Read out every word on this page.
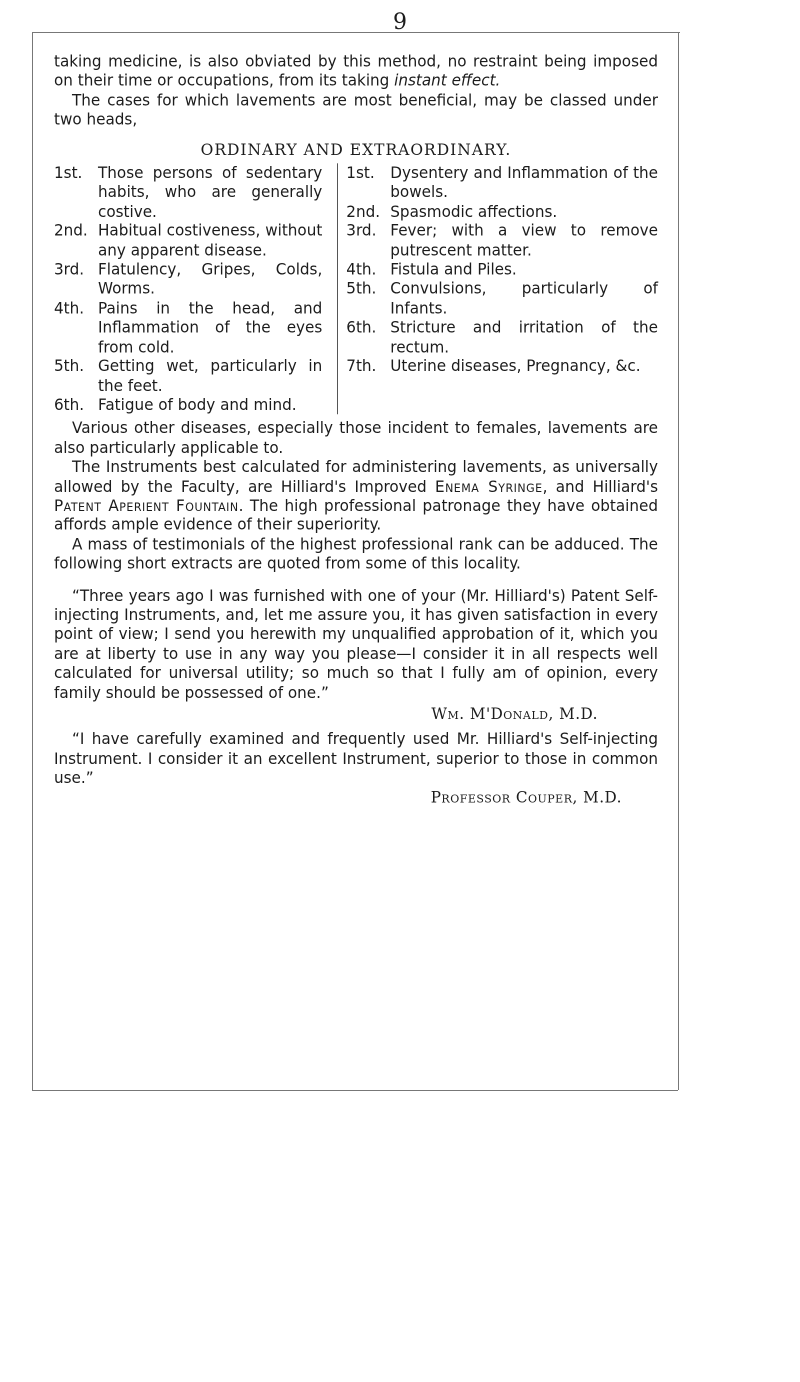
9

taking medicine, is also obviated by this method, no restraint being imposed on their time or occupations, from its taking instant effect.

The cases for which lavements are most beneficial, may be classed under two heads,

ORDINARY AND EXTRAORDINARY.
1st.	Those persons of sedentary habits, who are generally costive.
2nd. Habitual costiveness, without any apparent disease.
3rd. Flatulency, Gripes, Colds, Worms.
4th. Pains in the head, and Inflammation of the eyes from cold.
5th. Getting wet, particularly in the feet.
6th. Fatigue of body and mind.
1st.	Dysentery and Inflammation of the bowels.
2nd. Spasmodic affections.
3rd. Fever; with a view to remove putrescent matter.
4th. Fistula and Piles.
5th. Convulsions, particularly of Infants.
6th. Stricture and irritation of the rectum.
7th. Uterine diseases, Pregnancy, &c.

Various other diseases, especially those incident to females, lavements are also particularly applicable to.

The Instruments best calculated for administering lavements, as universally allowed by the Faculty, are Hilliard's Improved Enema Syringe, and Hilliard's Patent Aperient Fountain. The high professional patronage they have obtained affords ample evidence of their superiority.

A mass of testimonials of the highest professional rank can be adduced. The following short extracts are quoted from some of this locality.

“Three years ago I was furnished with one of your (Mr. Hilliard's) Patent Self-injecting Instruments, and, let me assure you, it has given satisfaction in every point of view; I send you herewith my unqualified approbation of it, which you are at liberty to use in any way you please—I consider it in all respects well calculated for universal utility; so much so that I fully am of opinion, every family should be possessed of one.”

Wm. M'Donald, M.D.

“I have carefully examined and frequently used Mr. Hilliard's Self-injecting Instrument. I consider it an excellent Instrument, superior to those in common use.”

Professor Couper, M.D.
